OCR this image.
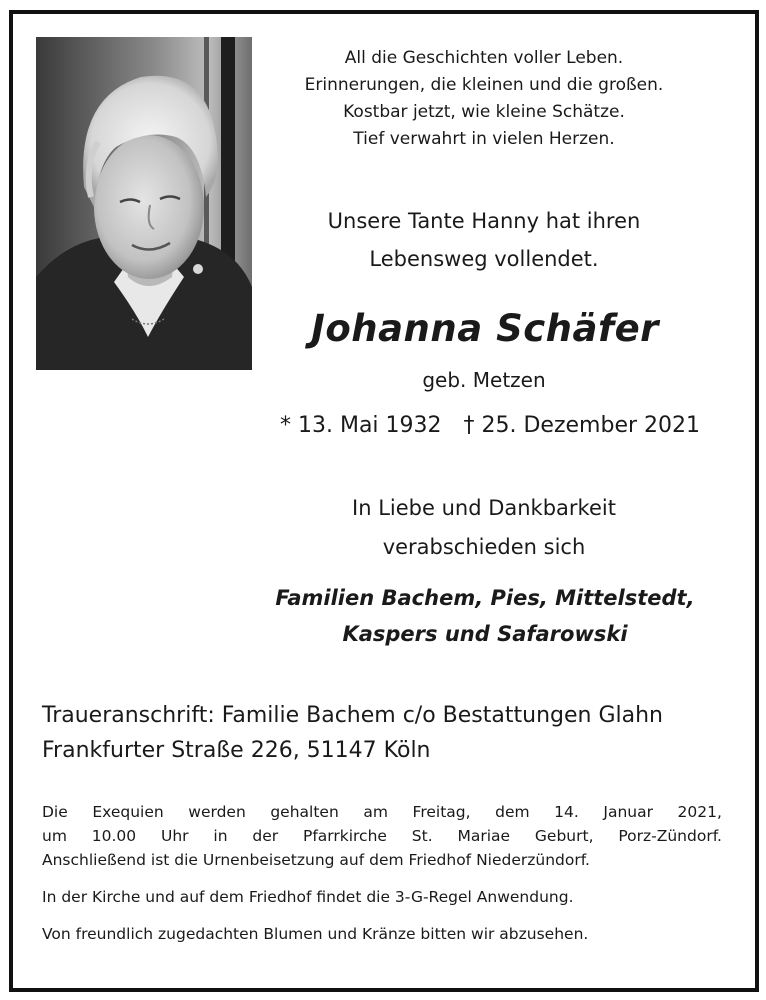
All die Geschichten voller Leben.
Erinnerungen, die kleinen und die großen.
Kostbar jetzt, wie kleine Schätze.
Tief verwahrt in vielen Herzen.
Unsere Tante Hanny hat ihren
Lebensweg vollendet.
Johanna Schäfer
geb. Metzen
* 13. Mai 1932 † 25. Dezember 2021
In Liebe und Dankbarkeit
verabschieden sich
Familien Bachem, Pies, Mittelstedt,
Kaspers und Safarowski
Traueranschrift: Familie Bachem c/o Bestattungen Glahn
Frankfurter Straße 226, 51147 Köln
Die Exequien werden gehalten am Freitag, dem 14. Januar 2021,
um 10.00 Uhr in der Pfarrkirche St. Mariae Geburt, Porz-Zündorf.
Anschließend ist die Urnenbeisetzung auf dem Friedhof Niederzündorf.
In der Kirche und auf dem Friedhof findet die 3-G-Regel Anwendung.
Von freundlich zugedachten Blumen und Kränze bitten wir abzusehen.
